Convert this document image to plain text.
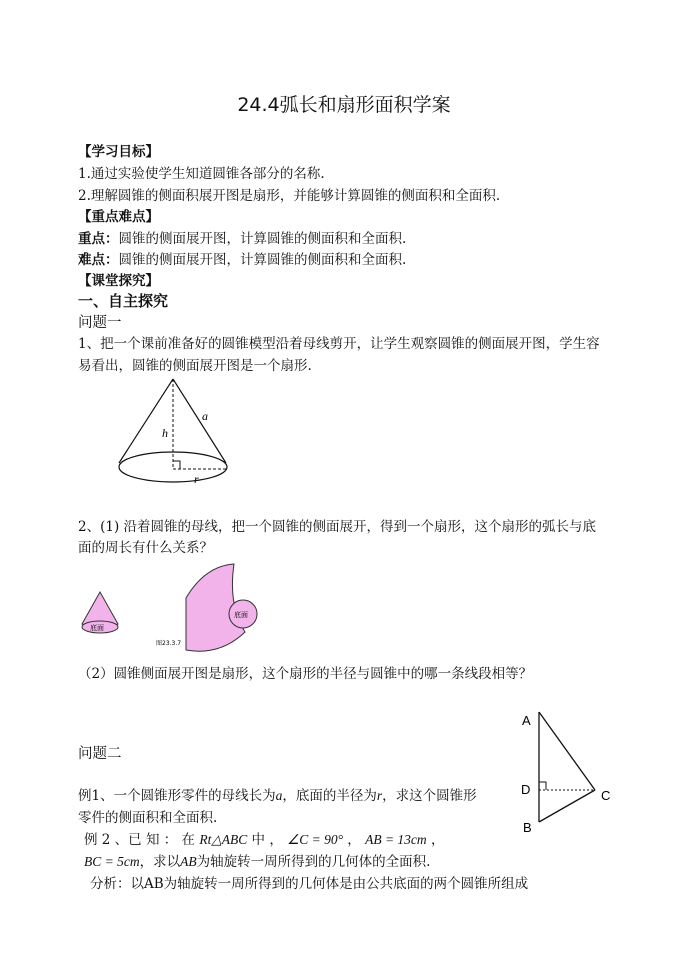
24.4弧长和扇形面积学案
【学习目标】
1.通过实验使学生知道圆锥各部分的名称.
2.理解圆锥的侧面积展开图是扇形，并能够计算圆锥的侧面积和全面积.
【重点难点】
重点：圆锥的侧面展开图，计算圆锥的侧面积和全面积.
难点：圆锥的侧面展开图，计算圆锥的侧面积和全面积.
【课堂探究】
一、自主探究
问题一
1、把一个课前准备好的圆锥模型沿着母线剪开，让学生观察圆锥的侧面展开图，学生容
易看出，圆锥的侧面展开图是一个扇形.
a
h
r
2、(1) 沿着圆锥的母线，把一个圆锥的侧面展开，得到一个扇形，这个扇形的弧长与底
面的周长有什么关系？
底面
底面
图23.3.7
（2）圆锥侧面展开图是扇形，这个扇形的半径与圆锥中的哪一条线段相等？
A
D	C
B
问题二
例1、一个圆锥形零件的母线长为a，底面的半径为r，求这个圆锥形
零件的侧面积和全面积.
例 2 、已 知 ： 在 Rt△ABC 中 ， ∠C = 90° ， AB = 13cm ，
BC = 5cm，求以AB为轴旋转一周所得到的几何体的全面积.
分析：以AB为轴旋转一周所得到的几何体是由公共底面的两个圆锥所组成
